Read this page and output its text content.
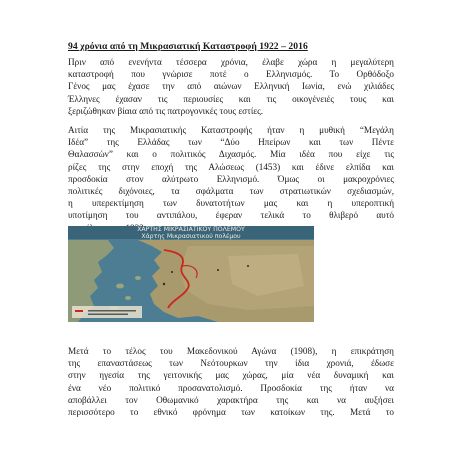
94 χρόνια από τη Μικρασιατική Καταστροφή 1922 – 2016
Πριν από ενενήντα τέσσερα χρόνια, έλαβε χώρα η μεγαλύτερη
καταστροφή που γνώρισε ποτέ ο Ελληνισμός. Το Ορθόδοξο
Γένος μας έχασε την από αιώνων Ελληνική Ιωνία, ενώ χιλιάδες
Έλληνες έχασαν τις περιουσίες και τις οικογένειές τους και
ξεριζώθηκαν βίαια από τις πατρογονικές τους εστίες.
Αιτία της Μικρασιατικής Καταστροφής ήταν η μυθική “Μεγάλη
Ιδέα” της Ελλάδας των “Δύο Ηπείρων και των Πέντε
Θαλασσών” και ο πολιτικός Διχασμός. Μία ιδέα που είχε τις
ρίζες της στην εποχή της Αλώσεως (1453) και έδινε ελπίδα και
προσδοκία στον αλύτρωτο Ελληνισμό. Όμως οι μακροχρόνιες
πολιτικές διχόνοιες, τα σφάλματα των στρατιωτικών σχεδιασμών,
η υπερεκτίμηση των δυνατοτήτων μας και η υπεροπτική
υποτίμηση του αντιπάλου, έφεραν τελικά το θλιβερό αυτό
ΧΑΡΤΗΣ ΜΙΚΡΑΣΙΑΤΙΚΟΥ ΠΟΛΕΜΟΥ
Χάρτης Μικρασιατικού πολέμου
Μετά το τέλος του Μακεδονικού Αγώνα (1908), η επικράτηση
της επαναστάσεως των Νεότουρκων την ίδια χρονιά, έδωσε
στην ηγεσία της γειτονικής μας χώρας, μία νέα δυναμική και
ένα νέο πολιτικό προσανατολισμό. Προσδοκία της ήταν να
αποβάλλει τον Οθωμανικό χαρακτήρα της και να αυξήσει
περισσότερο το εθνικό φρόνημα των κατοίκων της. Μετά το
